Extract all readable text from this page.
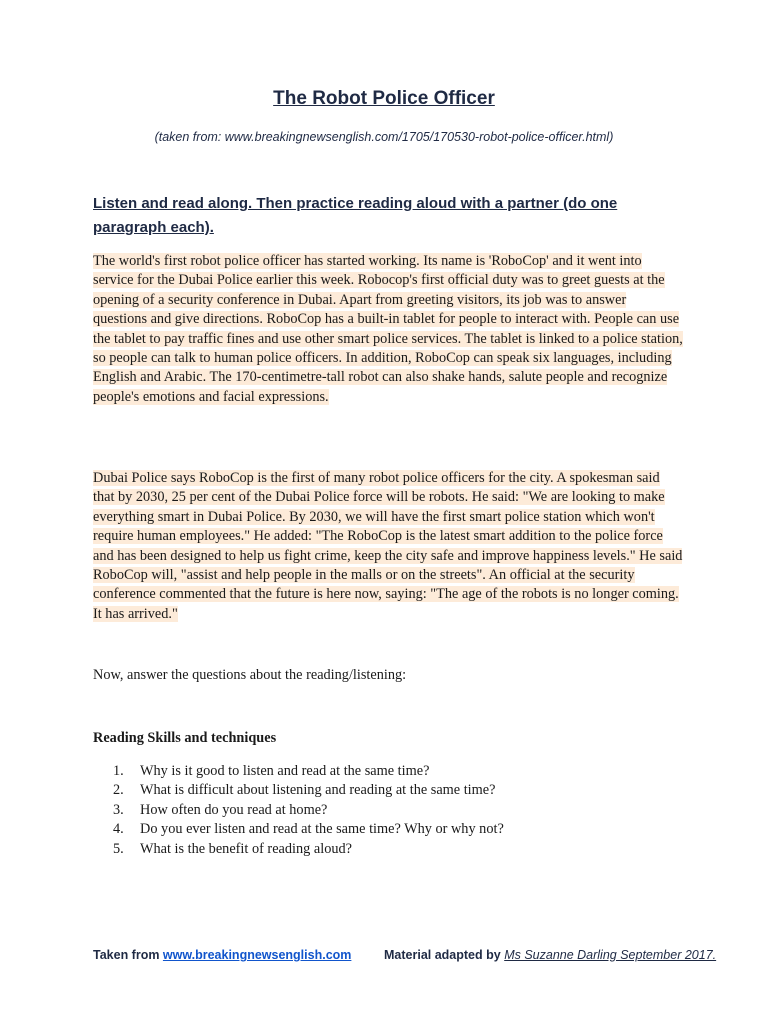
The Robot Police Officer
(taken from: www.breakingnewsenglish.com/1705/170530-robot-police-officer.html)
Listen and read along. Then practice reading aloud with a partner (do one paragraph each).
The world's first robot police officer has started working. Its name is 'RoboCop' and it went into service for the Dubai Police earlier this week. Robocop's first official duty was to greet guests at the opening of a security conference in Dubai. Apart from greeting visitors, its job was to answer questions and give directions. RoboCop has a built-in tablet for people to interact with. People can use the tablet to pay traffic fines and use other smart police services. The tablet is linked to a police station, so people can talk to human police officers. In addition, RoboCop can speak six languages, including English and Arabic. The 170-centimetre-tall robot can also shake hands, salute people and recognize people's emotions and facial expressions.
Dubai Police says RoboCop is the first of many robot police officers for the city. A spokesman said that by 2030, 25 per cent of the Dubai Police force will be robots. He said: "We are looking to make everything smart in Dubai Police. By 2030, we will have the first smart police station which won't require human employees." He added: "The RoboCop is the latest smart addition to the police force and has been designed to help us fight crime, keep the city safe and improve happiness levels." He said RoboCop will, "assist and help people in the malls or on the streets". An official at the security conference commented that the future is here now, saying: "The age of the robots is no longer coming. It has arrived."
Now, answer the questions about the reading/listening:
Reading Skills and techniques
1.	Why is it good to listen and read at the same time?
2.	What is difficult about listening and reading at the same time?
3.	How often do you read at home?
4.	Do you ever listen and read at the same time? Why or why not?
5.	What is the benefit of reading aloud?
Taken from www.breakingnewsenglish.com	Material adapted by Ms Suzanne Darling September 2017.
